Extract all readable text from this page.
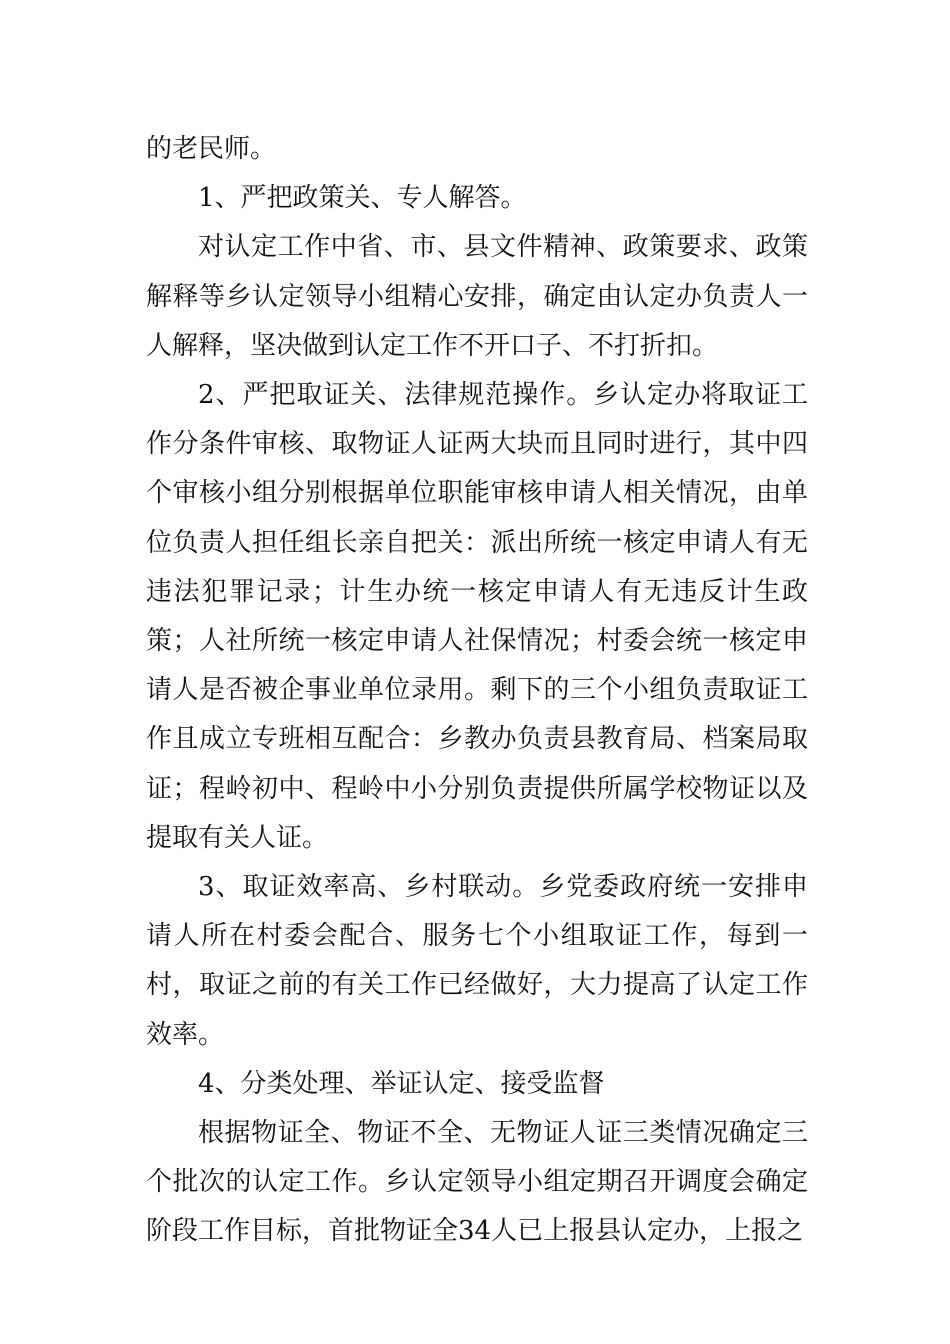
的老民师。

1、严把政策关、专人解答。

对认定工作中省、市、县文件精神、政策要求、政策解释等乡认定领导小组精心安排，确定由认定办负责人一人解释，坚决做到认定工作不开口子、不打折扣。

2、严把取证关、法律规范操作。乡认定办将取证工作分条件审核、取物证人证两大块而且同时进行，其中四个审核小组分别根据单位职能审核申请人相关情况，由单位负责人担任组长亲自把关：派出所统一核定申请人有无违法犯罪记录；计生办统一核定申请人有无违反计生政策；人社所统一核定申请人社保情况；村委会统一核定申请人是否被企事业单位录用。剩下的三个小组负责取证工作且成立专班相互配合：乡教办负责县教育局、档案局取证；程岭初中、程岭中小分别负责提供所属学校物证以及提取有关人证。

3、取证效率高、乡村联动。乡党委政府统一安排申请人所在村委会配合、服务七个小组取证工作，每到一村，取证之前的有关工作已经做好，大力提高了认定工作效率。

4、分类处理、举证认定、接受监督

根据物证全、物证不全、无物证人证三类情况确定三个批次的认定工作。乡认定领导小组定期召开调度会确定阶段工作目标，首批物证全34人已上报县认定办，上报之
